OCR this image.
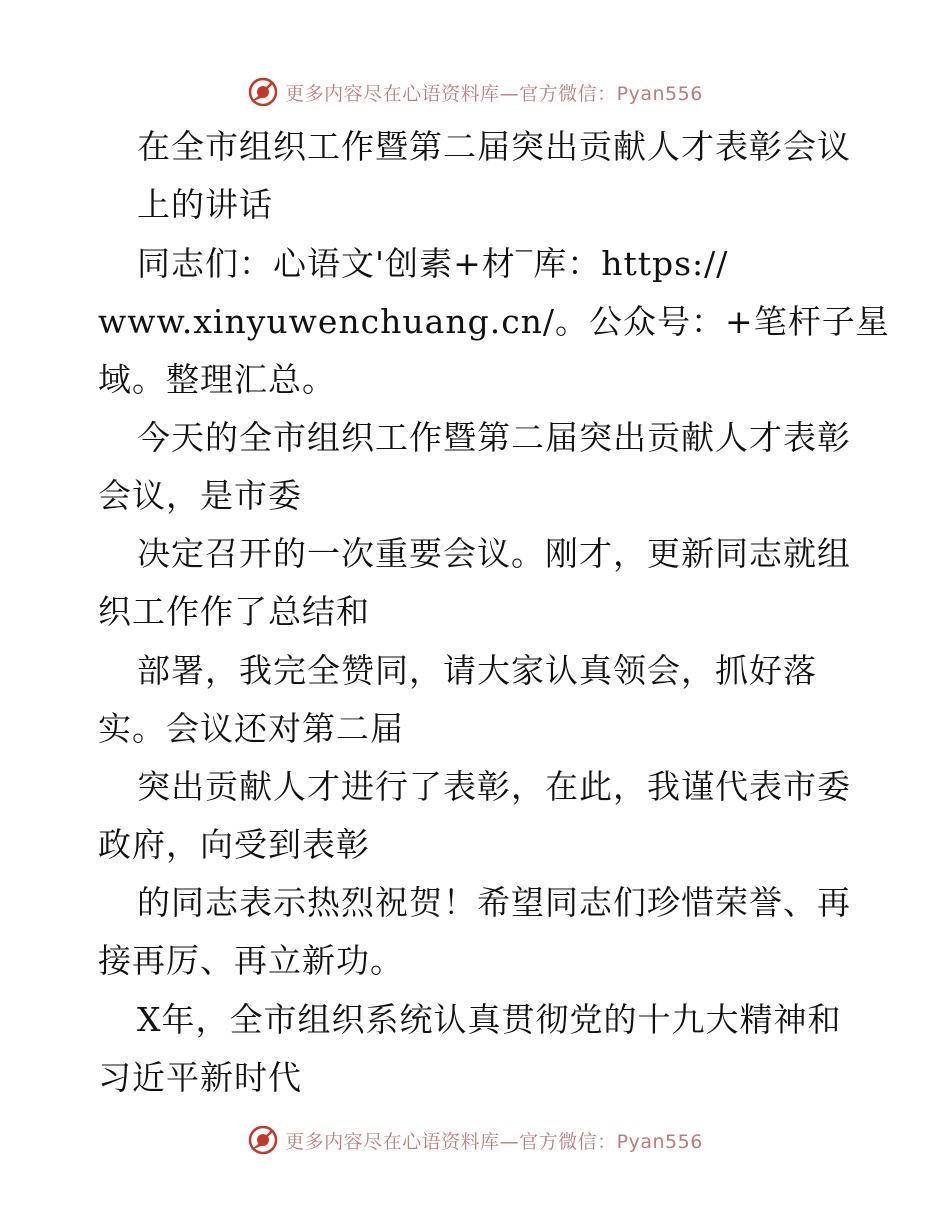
更多内容尽在心语资料库—官方微信：Pyan556
在全市组织工作暨第二届突出贡献人才表彰会议
上的讲话
同志们：心语文'创素+材‾库：https://
www.xinyuwenchuang.cn/。公众号：+笔杆子星
域。整理汇总。
今天的全市组织工作暨第二届突出贡献人才表彰
会议，是市委
决定召开的一次重要会议。刚才，更新同志就组
织工作作了总结和
部署，我完全赞同，请大家认真领会，抓好落
实。会议还对第二届
突出贡献人才进行了表彰，在此，我谨代表市委
政府，向受到表彰
的同志表示热烈祝贺！希望同志们珍惜荣誉、再
接再厉、再立新功。
X年，全市组织系统认真贯彻党的十九大精神和
习近平新时代
更多内容尽在心语资料库—官方微信：Pyan556
